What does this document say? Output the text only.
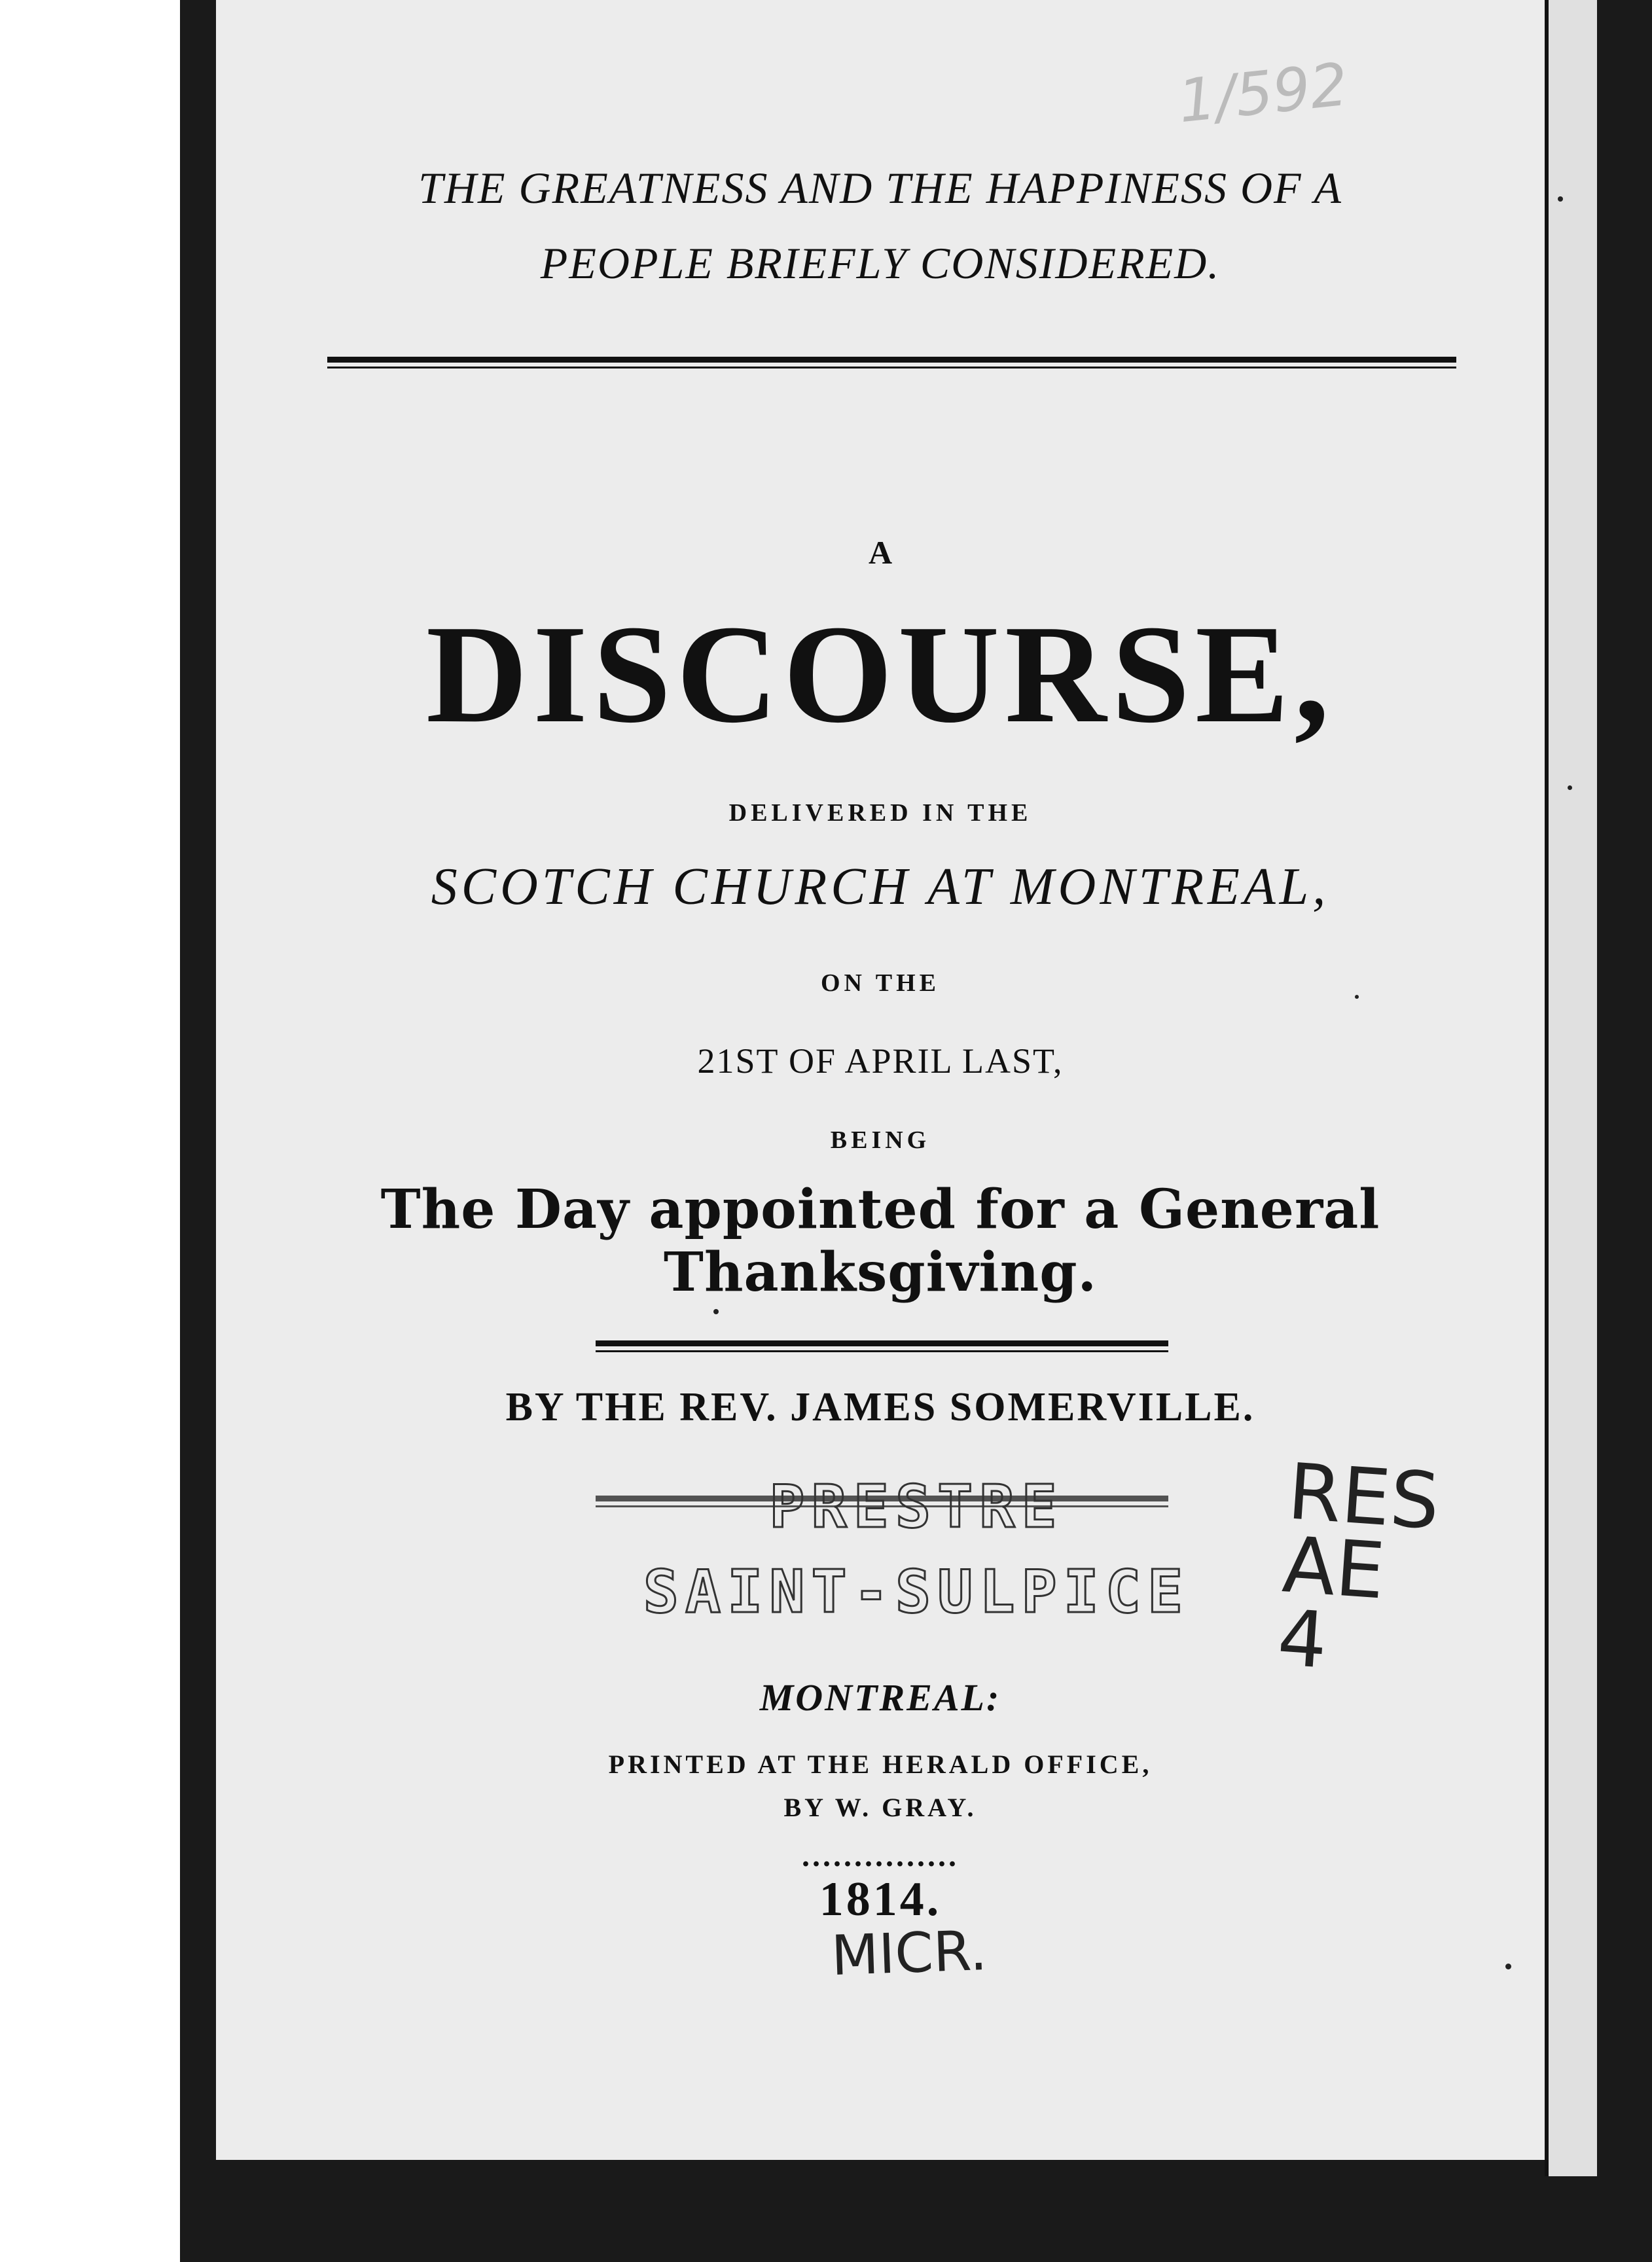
1/592

THE GREATNESS AND THE HAPPINESS OF A
PEOPLE BRIEFLY CONSIDERED.

A

DISCOURSE,

DELIVERED IN THE

SCOTCH CHURCH AT MONTREAL,

ON THE

21ST OF APRIL LAST,

BEING

The Day appointed for a General Thanksgiving.

BY THE REV. JAMES SOMERVILLE.

PRESTRE

SAINT-SULPICE

RES
AE
4

MONTREAL:

PRINTED AT THE HERALD OFFICE,

BY W. GRAY.

...............

1814.

MICR.
